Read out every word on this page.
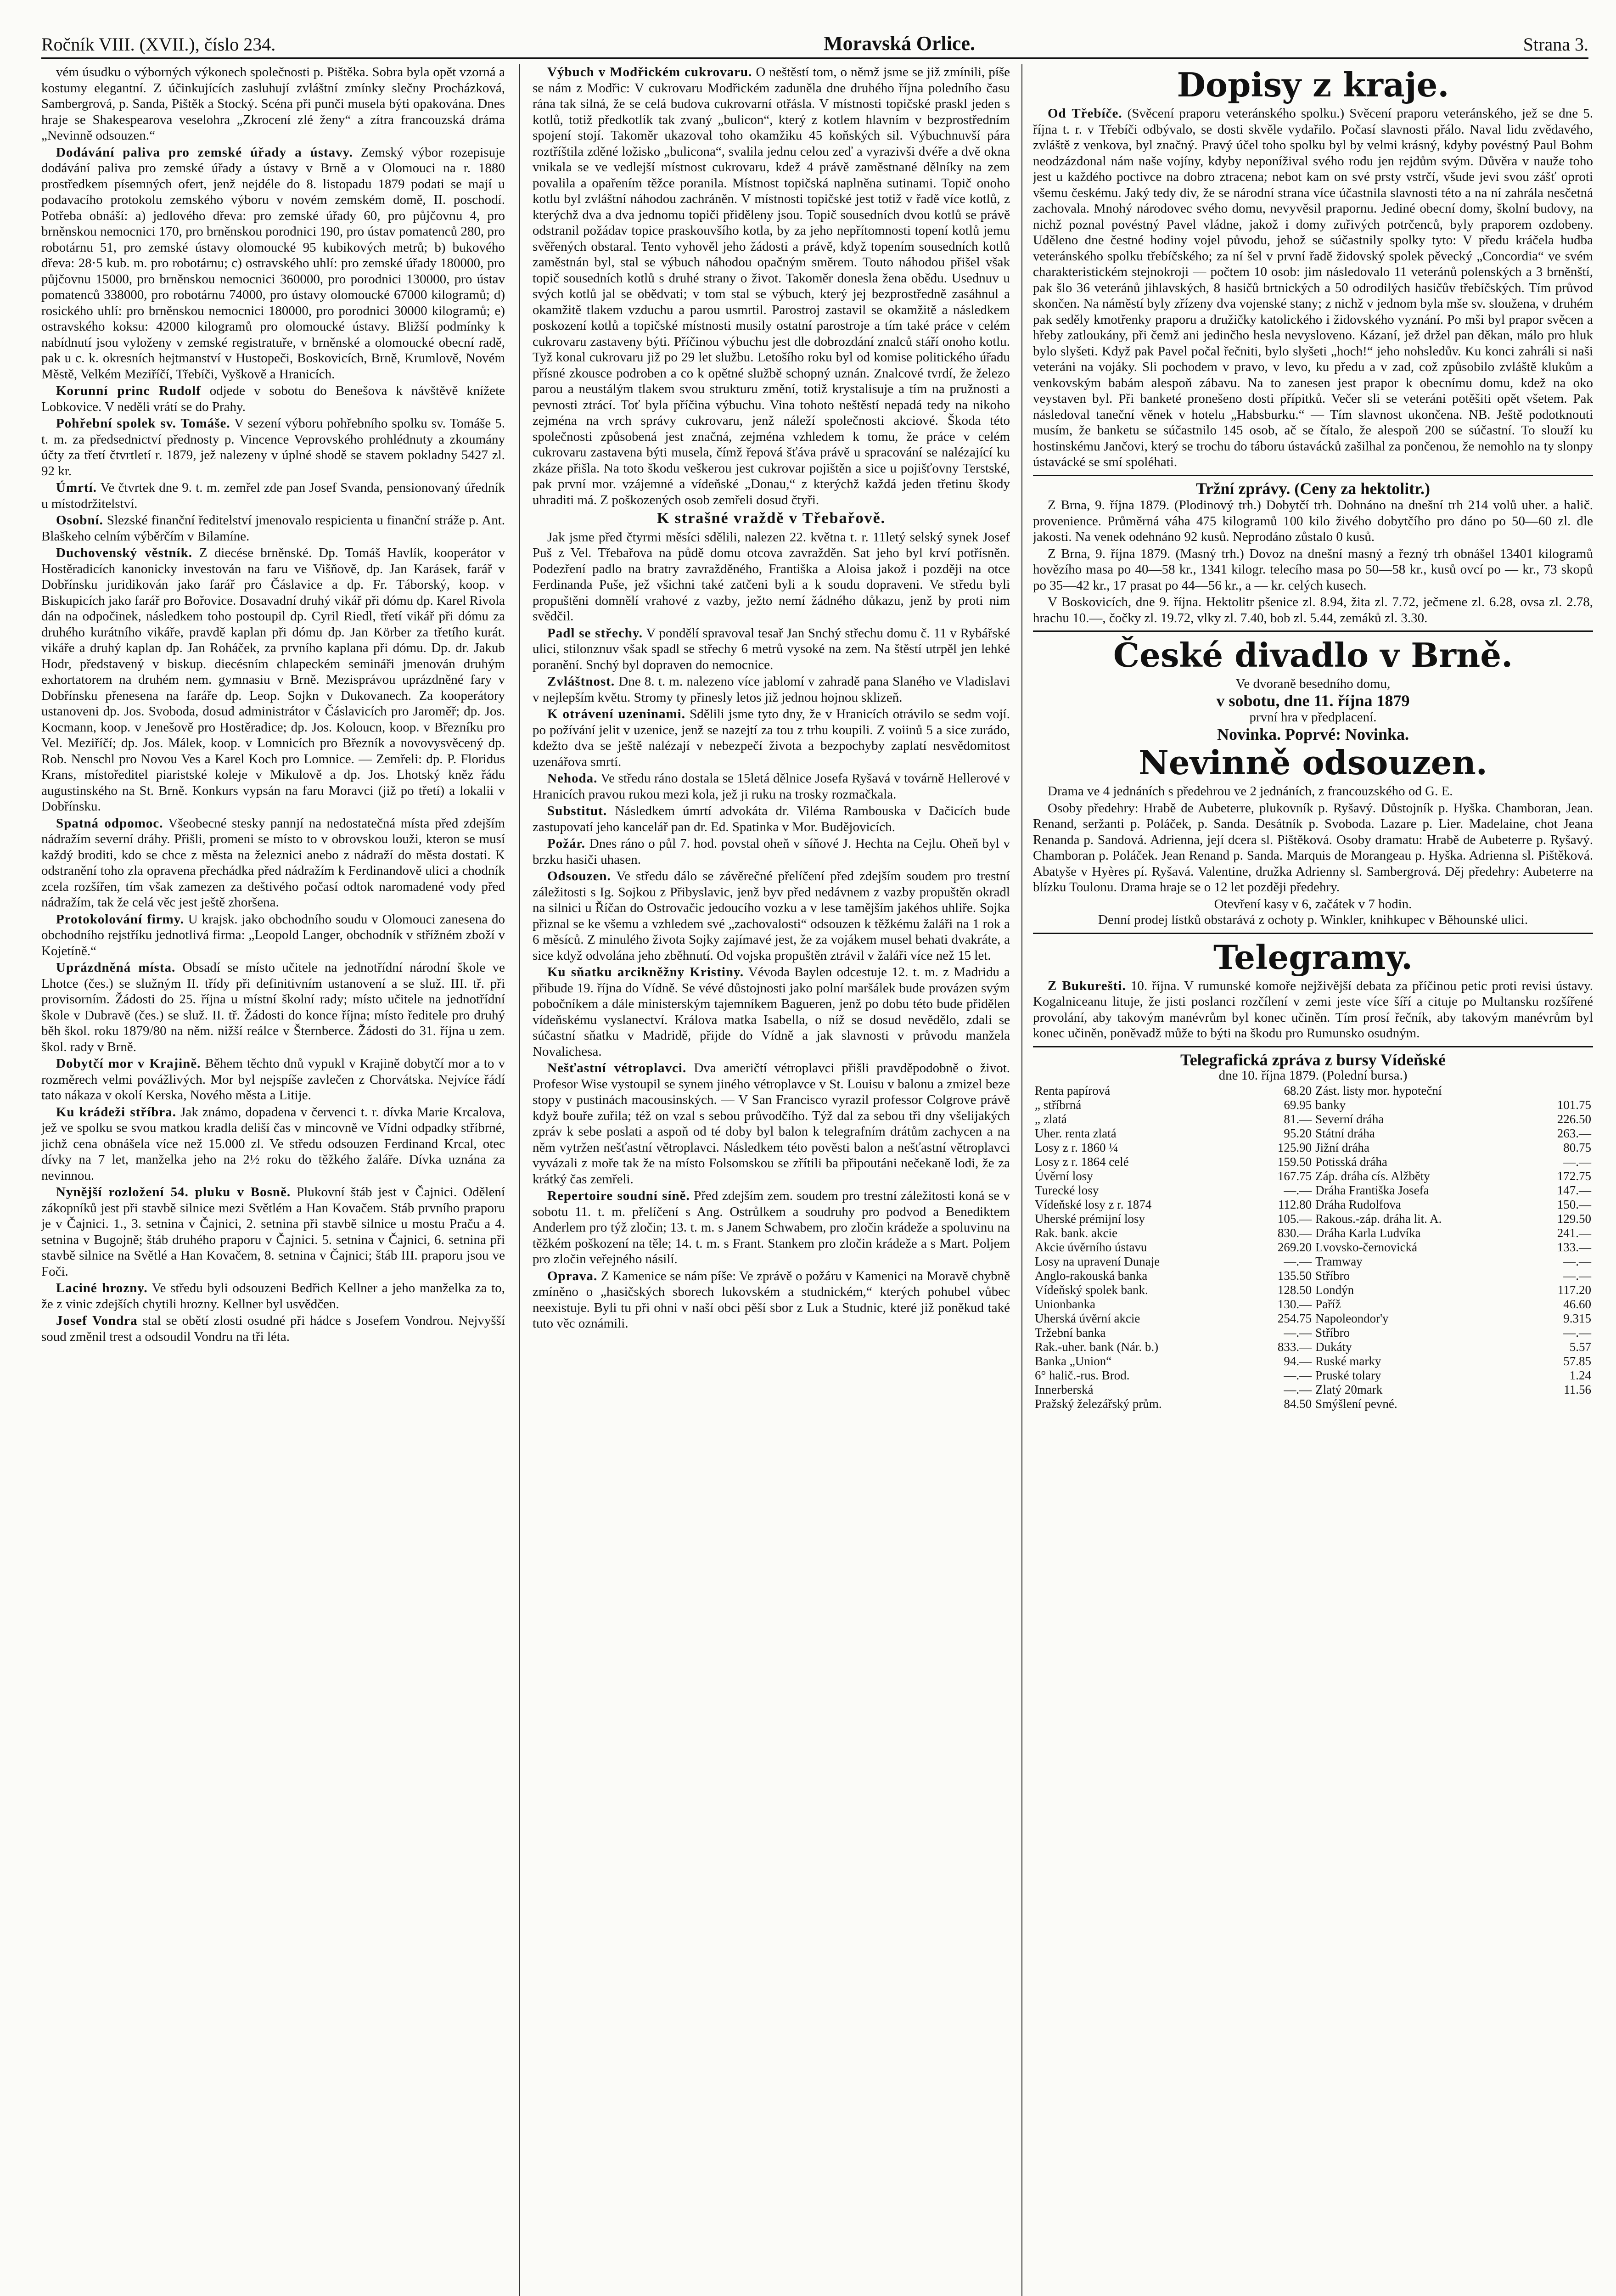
Ročník VIII. (XVII.), číslo 234.	Moravská Orlice.	Strana 3.

vém úsudku o výborných výkonech společnosti p. Pištěka. Sobra byla opět vzorná a kostumy elegantní. Z účinkujících zasluhují zvláštní zmínky slečny Procházková, Sambergrová, p. Sanda, Pištěk a Stocký. Scéna při punči musela býti opakována. Dnes hraje se Shakespearova veselohra „Zkrocení zlé ženy“ a zítra francouzská dráma „Nevinně odsouzen.“

Dodávání paliva pro zemské úřady a ústavy. Zemský výbor rozepisuje dodávání paliva pro zemské úřady a ústavy v Brně a v Olomouci na r. 1880 prostředkem písemných ofert, jenž nejdéle do 8. listopadu 1879 podati se mají u podavacího protokolu zemského výboru v novém zemském domě, II. poschodí. Potřeba obnáší: a) jedlového dřeva: pro zemské úřady 60, pro půjčovnu 4, pro brněnskou nemocnici 170, pro brněnskou porodnici 190, pro ústav pomatenců 280, pro robotárnu 51, pro zemské ústavy olomoucké 95 kubikových metrů; b) bukového dřeva: 28·5 kub. m. pro robotárnu; c) ostravského uhlí: pro zemské úřady 180000, pro půjčovnu 15000, pro brněnskou nemocnici 360000, pro porodnici 130000, pro ústav pomatenců 338000, pro robotárnu 74000, pro ústavy olomoucké 67000 kilogramů; d) rosického uhlí: pro brněnskou nemocnici 180000, pro porodnici 30000 kilogramů; e) ostravského koksu: 42000 kilogramů pro olomoucké ústavy. Bližší podmínky k nabídnutí jsou vyloženy v zemské registratuře, v brněnské a olomoucké obecní radě, pak u c. k. okresních hejtmanství v Hustopeči, Boskovicích, Brně, Krumlově, Novém Městě, Velkém Meziříčí, Třebíči, Vyškově a Hranicích.

Korunní princ Rudolf odjede v sobotu do Benešova k návštěvě knížete Lobkovice. V neděli vrátí se do Prahy.

Pohřební spolek sv. Tomáše. V sezení výboru pohřebního spolku sv. Tomáše 5. t. m. za předsednictví přednosty p. Vincence Veprovského prohlédnuty a zkoumány účty za třetí čtvrtletí r. 1879, jež nalezeny v úplné shodě se stavem pokladny 5427 zl. 92 kr.

Úmrtí. Ve čtvrtek dne 9. t. m. zemřel zde pan Josef Svanda, pensionovaný úředník u místodržitelství.

Osobní. Slezské finanční ředitelství jmenovalo respicienta u finanční stráže p. Ant. Blaškeho celním výběrčím v Bilamíne.

Duchovenský věstník. Z diecése brněnské. Dp. Tomáš Havlík, kooperátor v Hostěradicích kanonicky investován na faru ve Višňově, dp. Jan Karásek, farář v Dobřínsku juridikován jako farář pro Čáslavice a dp. Fr. Táborský, koop. v Biskupicích jako farář pro Bořovice. Dosavadní druhý vikář při dómu dp. Karel Rivola dán na odpočinek, následkem toho postoupil dp. Cyril Riedl, třetí vikář při dómu za druhého kurátního vikáře, pravdě kaplan při dómu dp. Jan Körber za třetího kurát. vikáře a druhý kaplan dp. Jan Roháček, za prvního kaplana při dómu. Dp. dr. Jakub Hodr, představený v biskup. diecésním chlapeckém semináři jmenován druhým exhortatorem na druhém nem. gymnasiu v Brně. Mezisprávou uprázdněné fary v Dobřínsku přenesena na faráře dp. Leop. Sojkn v Dukovanech. Za kooperátory ustanoveni dp. Jos. Svoboda, dosud administrátor v Čáslavicích pro Jaroměř; dp. Jos. Kocmann, koop. v Jenešově pro Hostěradice; dp. Jos. Koloucn, koop. v Březníku pro Vel. Meziříčí; dp. Jos. Málek, koop. v Lomnicích pro Březník a novovysvěcený dp. Rob. Nenschl pro Novou Ves a Karel Koch pro Lomnice. — Zemřeli: dp. P. Floridus Krans, místoředitel piaristské koleje v Mikulově a dp. Jos. Lhotský kněz řádu augustinského na St. Brně. Konkurs vypsán na faru Moravci (již po třetí) a lokalii v Dobřínsku.

Spatná odpomoc. Všeobecné stesky pannjí na nedostatečná místa před zdejším nádražím severní dráhy. Přišli, promeni se místo to v obrovskou louži, kteron se musí každý broditi, kdo se chce z města na železnici anebo z nádraží do města dostati. K odstranění toho zla opravena přechádka před nádražím k Ferdinandově ulici a chodník zcela rozšířen, tím však zamezen za deštivého počasí odtok naromadené vody před nádražím, tak že celá věc jest ještě zhoršena.

Protokolování firmy. U krajsk. jako obchodního soudu v Olomouci zanesena do obchodního rejstříku jednotlivá firma: „Leopold Langer, obchodník v střížném zboží v Kojetíně.“

Uprázdněná místa. Obsadí se místo učitele na jednotřídní národní škole ve Lhotce (čes.) se služným II. třídy při definitivním ustanovení a se služ. III. tř. při provisorním. Žádosti do 25. října u místní školní rady; místo učitele na jednotřídní škole v Dubravě (čes.) se služ. II. tř. Žádosti do konce října; místo ředitele pro druhý běh škol. roku 1879/80 na něm. nižší reálce v Šternberce. Žádosti do 31. října u zem. škol. rady v Brně.

Dobytčí mor v Krajině. Během těchto dnů vypukl v Krajině dobytčí mor a to v rozměrech velmi povážlivých. Mor byl nejspíše zavlečen z Chorvátska. Nejvíce řádí tato nákaza v okolí Kerska, Nového města a Litije.

Ku krádeži stříbra. Jak známo, dopadena v červenci t. r. dívka Marie Krcalova, jež ve spolku se svou matkou kradla deliší čas v mincovně ve Vídni odpadky stříbrné, jichž cena obnášela více než 15.000 zl. Ve středu odsouzen Ferdinand Krcal, otec dívky na 7 let, manželka jeho na 2½ roku do těžkého žaláře. Dívka uznána za nevinnou.

Nynější rozložení 54. pluku v Bosně. Plukovní štáb jest v Čajnici. Odělení zákopníků jest při stavbě silnice mezi Světlém a Han Kovačem. Stáb prvního praporu je v Čajnici. 1., 3. setnina v Čajnici, 2. setnina při stavbě silnice u mostu Praču a 4. setnina v Bugojně; štáb druhého praporu v Čajnici. 5. setnina v Čajnici, 6. setnina při stavbě silnice na Světlé a Han Kovačem, 8. setnina v Čajnici; štáb III. praporu jsou ve Foči.

Laciné hrozny. Ve středu byli odsouzeni Bedřich Kellner a jeho manželka za to, že z vinic zdejších chytili hrozny. Kellner byl usvědčen.

Josef Vondra stal se obětí zlosti osudné při hádce s Josefem Vondrou. Nejvyšší soud změnil trest a odsoudil Vondru na tři léta.

Výbuch v Modřickém cukrovaru. O neštěstí tom, o němž jsme se již zmínili, píše se nám z Modřic: V cukrovaru Modřickém zaduněla dne druhého října poledního času rána tak silná, že se celá budova cukrovarní otřásla. V místnosti topičské praskl jeden s kotlů, totiž předkotlík tak zvaný „bulicon“, který z kotlem hlavním v bezprostředním spojení stojí. Takoměr ukazoval toho okamžiku 45 koňských sil. Výbuchnuvší pára roztříštila zděné ložisko „bulicona“, svalila jednu celou zeď a vyrazivši dvéře a dvě okna vnikala se ve vedlejší místnost cukrovaru, kdež 4 právě zaměstnané dělníky na zem povalila a opařením těžce poranila. Místnost topičská naplněna sutinami. Topič onoho kotlu byl zvláštní náhodou zachráněn. V místnosti topičské jest totiž v řadě více kotlů, z kterýchž dva a dva jednomu topiči přiděleny jsou. Topič sousedních dvou kotlů se právě odstranil požádav topice praskouvšího kotla, by za jeho nepřítomnosti topení kotlů jemu svěřených obstaral. Tento vyhověl jeho žádosti a právě, když topením sousedních kotlů zaměstnán byl, stal se výbuch náhodou opačným směrem. Touto náhodou přišel však topič sousedních kotlů s druhé strany o život. Takoměr donesla žena obědu. Usednuv u svých kotlů jal se obědvati; v tom stal se výbuch, který jej bezprostředně zasáhnul a okamžitě tlakem vzduchu a parou usmrtil. Parostroj zastavil se okamžitě a následkem poskození kotlů a topičské místnosti musily ostatní parostroje a tím také práce v celém cukrovaru zastaveny býti. Příčinou výbuchu jest dle dobrozdání znalců stáří onoho kotlu. Tyž konal cukrovaru již po 29 let službu. Letošího roku byl od komise politického úřadu přísné zkousce podroben a co k opětné službě schopný uznán. Znalcové tvrdí, že železo parou a neustálým tlakem svou strukturu změní, totiž krystalisuje a tím na pružnosti a pevnosti ztrácí. Toť byla příčina výbuchu. Vina tohoto neštěstí nepadá tedy na nikoho zejména na vrch správy cukrovaru, jenž náleží společnosti akciové. Škoda této společnosti způsobená jest značná, zejména vzhledem k tomu, že práce v celém cukrovaru zastavena býti musela, čímž řepová šťáva právě u spracování se nalézající ku zkáze přišla. Na toto škodu veškerou jest cukrovar pojištěn a sice u pojišťovny Terstské, pak první mor. vzájemné a vídeňské „Donau,“ z kterýchž každá jeden třetinu škody uhraditi má. Z poškozených osob zemřeli dosud čtyři.

K strašné vraždě v Třebařově.

Jak jsme před čtyrmi měsíci sdělili, nalezen 22. května t. r. 11letý selský synek Josef Puš z Vel. Třebařova na půdě domu otcova zavražděn. Sat jeho byl krví potřísněn. Podezření padlo na bratry zavražděného, Františka a Aloisa jakož i později na otce Ferdinanda Puše, jež všichni také zatčeni byli a k soudu dopraveni. Ve středu byli propuštěni domnělí vrahové z vazby, ježto nemí žádného důkazu, jenž by proti nim svědčil.

Padl se střechy. V pondělí spravoval tesař Jan Snchý střechu domu č. 11 v Rybářské ulici, stilonznuv však spadl se střechy 6 metrů vysoké na zem. Na štěstí utrpěl jen lehké poranění. Snchý byl dopraven do nemocnice.

Zvláštnost. Dne 8. t. m. nalezeno více jablomí v zahradě pana Slaného ve Vladislavi v nejlepším květu. Stromy ty přinesly letos již jednou hojnou sklizeň.

K otrávení uzeninami. Sdělili jsme tyto dny, že v Hranicích otrávilo se sedm vojí. po požívání jelit v uzenice, jenž se nazejtí za tou z trhu koupili. Z voiinů 5 a sice zurádo, kdežto dva se ještě nalézají v nebezpečí života a bezpochyby zaplatí nesvědomitost uzenářova smrtí.

Nehoda. Ve středu ráno dostala se 15letá dělnice Josefa Ryšavá v továrně Hellerové v Hranicích pravou rukou mezi kola, jež ji ruku na trosky rozmačkala.

Substitut. Následkem úmrtí advokáta dr. Viléma Rambouska v Dačicích bude zastupovatí jeho kancelář pan dr. Ed. Spatinka v Mor. Budějovicích.

Požár. Dnes ráno o půl 7. hod. povstal oheň v síňové J. Hechta na Cejlu. Oheň byl v brzku hasiči uhasen.

Odsouzen. Ve středu dálo se závěrečné přelíčení před zdejším soudem pro trestní záležitosti s Ig. Sojkou z Přibyslavic, jenž byv před nedávnem z vazby propuštěn okradl na silnici u Říčan do Ostrovačic jedoucího vozku a v lese tamějším jakéhos uhliře. Sojka přiznal se ke všemu a vzhledem své „zachovalosti“ odsouzen k těžkému žaláři na 1 rok a 6 měsíců. Z minulého života Sojky zajímavé jest, že za vojákem musel behati dvakráte, a sice když odvolána jeho zběhnutí. Od vojska propuštěn ztrávil v žaláři více než 15 let.

Ku sňatku arcikněžny Kristiny. Vévoda Baylen odcestuje 12. t. m. z Madridu a přibude 19. října do Vídně. Se vévé důstojnosti jako polní maršálek bude provázen svým pobočníkem a dále ministerským tajemníkem Bagueren, jenž po dobu této bude přidělen vídeňskému vyslanectví. Králova matka Isabella, o níž se dosud nevědělo, zdali se súčastní sňatku v Madridě, přijde do Vídně a jak slavnosti v průvodu manžela Novalichesa.

Nešťastní vétroplavci. Dva američtí vétroplavci přišli pravděpodobně o život. Profesor Wise vystoupil se synem jiného vétroplavce v St. Louisu v balonu a zmizel beze stopy v pustinách macousinských. — V San Francisco vyrazil professor Colgrove právě když bouře zuřila; též on vzal s sebou průvodčího. Týž dal za sebou tři dny všelijakých zpráv k sebe poslati a aspoň od té doby byl balon k telegrafním drátům zachycen a na něm vytržen nešťastní větroplavci. Následkem této pověsti balon a nešťastní větroplavci vyvázali z moře tak že na místo Folsomskou se zřítili ba připoutáni nečekaně lodi, že za krátký čas zemřeli.

Repertoire soudní síně. Před zdejším zem. soudem pro trestní záležitosti koná se v sobotu 11. t. m. přelíčení s Ang. Ostrůlkem a soudruhy pro podvod a Benediktem Anderlem pro týž zločin; 13. t. m. s Janem Schwabem, pro zločin krádeže a spoluvinu na těžkém poškození na těle; 14. t. m. s Frant. Stankem pro zločin krádeže a s Mart. Poljem pro zločin veřejného násilí.

Oprava. Z Kamenice se nám píše: Ve zprávě o požáru v Kamenici na Moravě chybně zmíněno o „hasičských sborech lukovském a studnickém,“ kterých pohubel vůbec neexistuje. Byli tu při ohni v naší obci pěší sbor z Luk a Studnic, které již poněkud také tuto věc oznámili.

Dopisy z kraje.

Od Třebíče. (Svěcení praporu veteránského spolku.) Svěcení praporu veteránského, jež se dne 5. října t. r. v Třebíči odbývalo, se dosti skvěle vydařilo. Počasí slavnosti přálo. Naval lidu zvědavého, zvláště z venkova, byl značný. Pravý účel toho spolku byl by velmi krásný, kdyby povéstný Paul Bohm neodzázdonal nám naše vojíny, kdyby neponížival svého rodu jen rejdům svým. Důvěra v nauže toho jest u každého poctivce na dobro ztracena; nebot kam on své prsty vstrčí, všude jevi svou zášť oproti všemu českému. Jaký tedy div, že se národní strana více účastnila slavnosti této a na ní zahrála nesčetná zachovala. Mnohý národovec svého domu, nevyvěsil prapornu. Jediné obecní domy, školní budovy, na nichž poznal povéstný Pavel vládne, jakož i domy zuřivých potrčenců, byly praporem ozdobeny. Uděleno dne čestné hodiny vojel původu, jehož se súčastnily spolky tyto: V předu kráčela hudba veteránského spolku třebíčského; za ní šel v první řadě židovský spolek pěvecký „Concordia“ ve svém charakteristickém stejnokroji — počtem 10 osob: jim následovalo 11 veteránů polenských a 3 brněnští, pak šlo 36 veteránů jihlavských, 8 hasičů brtnických a 50 odrodilých hasičův třebíčských. Tím průvod skončen. Na náměstí byly zřízeny dva vojenské stany; z nichž v jednom byla mše sv. sloužena, v druhém pak seděly kmotřenky praporu a družičky katolického i židovského vyznání. Po mši byl prapor svěcen a hřeby zatloukány, při čemž ani jedinčho hesla nevysloveno. Kázaní, jež držel pan děkan, málo pro hluk bylo slyšeti. Když pak Pavel počal řečniti, bylo slyšeti „hoch!“ jeho nohsledův. Ku konci zahráli si naši veteráni na vojáky. Sli pochodem v pravo, v levo, ku předu a v zad, což způsobilo zvláště klukům a venkovským babám alespoň zábavu. Na to zanesen jest prapor k obecnímu domu, kdež na oko veystaven byl. Při banketé pronešeno dosti přípitků. Večer sli se veteráni potěšiti opět všetem. Pak následoval taneční věnek v hotelu „Habsburku.“ — Tím slavnost ukončena. NB. Ještě podotknouti musím, že banketu se súčastnilo 145 osob, ač se čítalo, že alespoň 200 se súčastní. To slouží ku hostinskému Jančovi, který se trochu do táboru ústavácků zašilhal za pončenou, že nemohlo na ty slonpy ústavácké se smí spoléhati.

Tržní zprávy. (Ceny za hektolitr.)

Z Brna, 9. října 1879. (Plodinový trh.) Dobytčí trh. Dohnáno na dnešní trh 214 volů uher. a halič. provenience. Průměrná váha 475 kilogramů 100 kilo živého dobytčího pro dáno po 50—60 zl. dle jakosti. Na venek odehnáno 92 kusů. Neprodáno zůstalo 0 kusů.

Z Brna, 9. října 1879. (Masný trh.) Dovoz na dnešní masný a řezný trh obnášel 13401 kilogramů hovězího masa po 40—58 kr., 1341 kilogr. telecího masa po 50—58 kr., kusů ovcí po — kr., 73 skopů po 35—42 kr., 17 prasat po 44—56 kr., a — kr. celých kusech.

V Boskovicích, dne 9. října. Hektolitr pšenice zl. 8.94, žita zl. 7.72, ječmene zl. 6.28, ovsa zl. 2.78, hrachu 10.—, čočky zl. 19.72, vlky zl. 7.40, bob zl. 5.44, zemáků zl. 3.30.

České divadlo v Brně.
Ve dvoraně besedního domu,
v sobotu, dne 11. října 1879
první hra v předplacení.
Novinka. Poprvé: Novinka.
Nevinně odsouzen.

Drama ve 4 jednáních s předehrou ve 2 jednáních, z francouzského od G. E.

Osoby předehry: Hrabě de Aubeterre, plukovník p. Ryšavý. Důstojník p. Hyška. Chamboran, Jean. Renand, seržanti p. Poláček, p. Sanda. Desátník p. Svoboda. Lazare p. Lier. Madelaine, chot Jeana Renanda p. Sandová. Adrienna, její dcera sl. Pištěková. Osoby dramatu: Hrabě de Aubeterre p. Ryšavý. Chamboran p. Poláček. Jean Renand p. Sanda. Marquis de Morangeau p. Hyška. Adrienna sl. Pištěková. Abatyše v Hyères pí. Ryšavá. Valentine, družka Adrienny sl. Sambergrová. Děj předehry: Aubeterre na blízku Toulonu. Drama hraje se o 12 let později předehry.

Otevření kasy v 6, začátek v 7 hodin.
Denní prodej lístků obstarává z ochoty p. Winkler, knihkupec v Běhounské ulici.
Telegramy.

Z Bukurešti. 10. října. V rumunské komoře nejživější debata za příčinou petic proti revisi ústavy. Kogalniceanu lituje, že jisti poslanci rozčílení v zemi jeste více šíří a cituje po Multansku rozšířené provolání, aby takovým manévrům byl konec učiněn. Tím prosí řečník, aby takovým manévrům byl konec učiněn, poněvadž může to býti na škodu pro Rumunsko osudným.

Telegrafická zpráva z bursy Vídeňské
dne 10. října 1879. (Polední bursa.)
Renta papírová	68.20	Zást. listy mor. hypoteční	
„ stříbrná	69.95	banky	101.75
„ zlatá	81.—	Severní dráha	226.50
Uher. renta zlatá	95.20	Státní dráha	263.—
Losy z r. 1860 ¼	125.90	Jižní dráha	80.75
Losy z r. 1864 celé	159.50	Potisská dráha	—.—
Úvěrní losy	167.75	Záp. dráha cís. Alžběty	172.75
Turecké losy	—.—	Dráha Františka Josefa	147.—
Vídeňské losy z r. 1874	112.80	Dráha Rudolfova	150.—
Uherské prémijní losy	105.—	Rakous.-záp. dráha lit. A.	129.50
Rak. bank. akcie	830.—	Dráha Karla Ludvíka	241.—
Akcie úvěrního ústavu	269.20	Lvovsko-černovická	133.—
Losy na upravení Dunaje	—.—	Tramway	—.—
Anglo-rakouská banka	135.50	Stříbro	—.—
Vídeňský spolek bank.	128.50	Londýn	117.20
Unionbanka	130.—	Paříž	46.60
Uherská úvěrní akcie	254.75	Napoleondor'y	9.315
Tržební banka	—.—	Stříbro	—.—
Rak.-uher. bank (Nár. b.)	833.—	Dukáty	5.57
Banka „Union“	94.—	Ruské marky	57.85
6° halič.-rus. Brod.	—.—	Pruské tolary	1.24
Innerberská	—.—	Zlatý 20mark	11.56
Pražský železářský prům.	84.50	Smýšlení pevné.	
